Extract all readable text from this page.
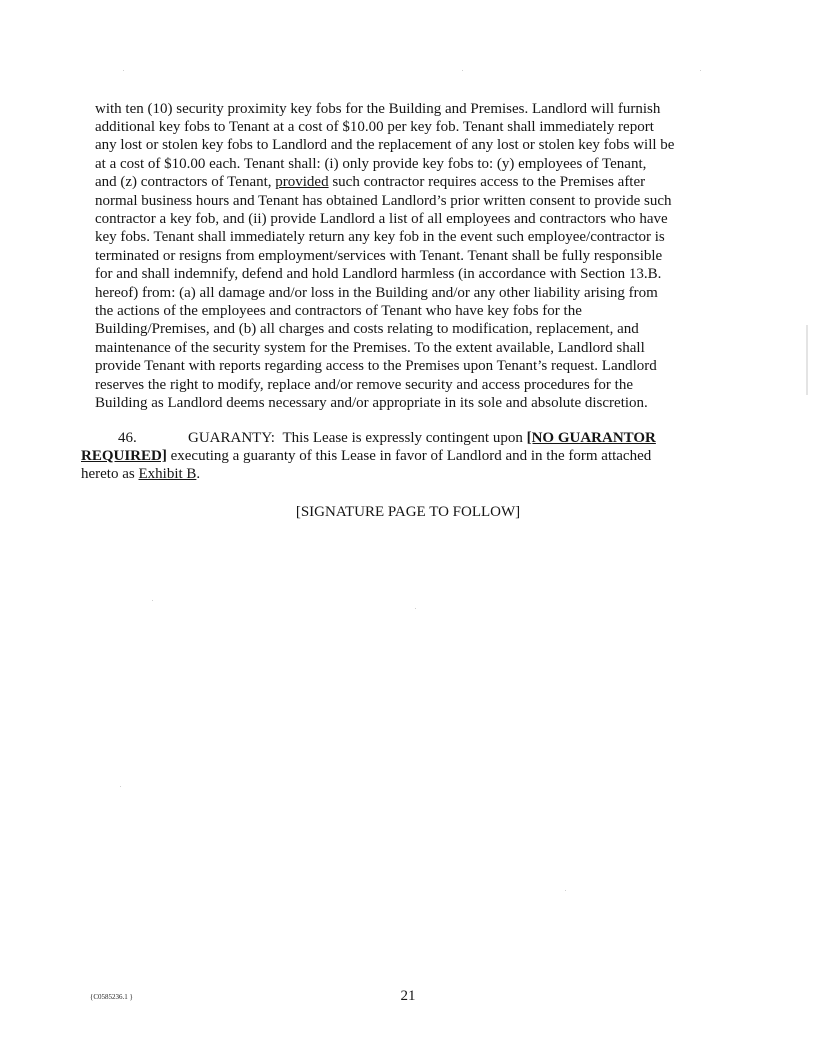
with ten (10) security proximity key fobs for the Building and Premises. Landlord will furnish

additional key fobs to Tenant at a cost of $10.00 per key fob. Tenant shall immediately report

any lost or stolen key fobs to Landlord and the replacement of any lost or stolen key fobs will be

at a cost of $10.00 each. Tenant shall: (i) only provide key fobs to: (y) employees of Tenant,

and (z) contractors of Tenant, provided such contractor requires access to the Premises after

normal business hours and Tenant has obtained Landlord’s prior written consent to provide such

contractor a key fob, and (ii) provide Landlord a list of all employees and contractors who have

key fobs. Tenant shall immediately return any key fob in the event such employee/contractor is

terminated or resigns from employment/services with Tenant. Tenant shall be fully responsible

for and shall indemnify, defend and hold Landlord harmless (in accordance with Section 13.B.

hereof) from: (a) all damage and/or loss in the Building and/or any other liability arising from

the actions of the employees and contractors of Tenant who have key fobs for the

Building/Premises, and (b) all charges and costs relating to modification, replacement, and

maintenance of the security system for the Premises. To the extent available, Landlord shall

provide Tenant with reports regarding access to the Premises upon Tenant’s request. Landlord

reserves the right to modify, replace and/or remove security and access procedures for the

Building as Landlord deems necessary and/or appropriate in its sole and absolute discretion.

46.	GUARANTY: This Lease is expressly contingent upon [NO GUARANTOR

REQUIRED] executing a guaranty of this Lease in favor of Landlord and in the form attached

hereto as Exhibit B.

[SIGNATURE PAGE TO FOLLOW]
{C0585236.1 }	21
